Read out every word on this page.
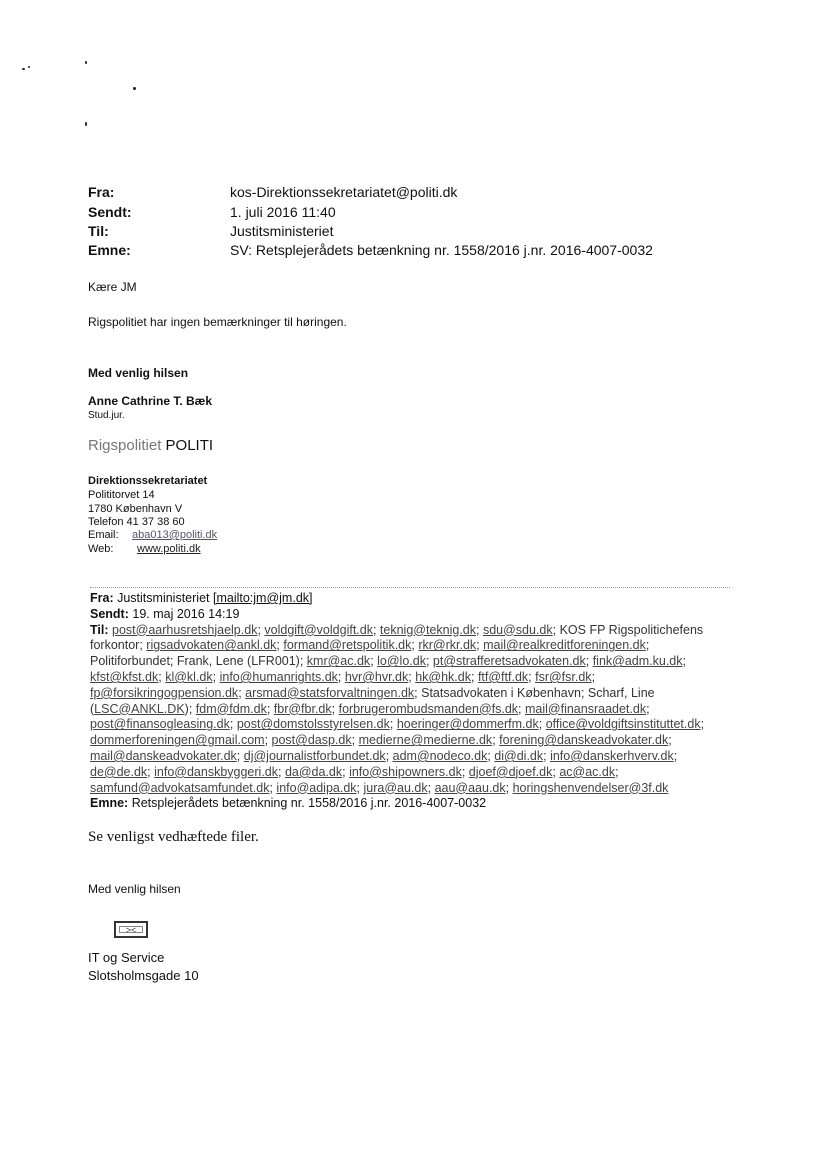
Fra:	kos-Direktionssekretariatet@politi.dk
Sendt:	1. juli 2016 11:40
Til:	Justitsministeriet
Emne:	SV: Retsplejerådets betænkning nr. 1558/2016 j.nr. 2016-4007-0032
Kære JM
Rigspolitiet har ingen bemærkninger til høringen.
Med venlig hilsen
Anne Cathrine T. Bæk
Stud.jur.
Rigspolitiet POLITI
Direktionssekretariatet
Polititorvet 14
1780 København V
Telefon 41 37 38 60
Email: aba013@politi.dk
Web: www.politi.dk
Fra: Justitsministeriet [mailto:jm@jm.dk]
Sendt: 19. maj 2016 14:19
Til: post@aarhusretshjaelp.dk; voldgift@voldgift.dk; teknig@teknig.dk; sdu@sdu.dk; KOS FP Rigspolitichefens forkontor; rigsadvokaten@ankl.dk; formand@retspolitik.dk; rkr@rkr.dk; mail@realkreditforeningen.dk; Politiforbundet; Frank, Lene (LFR001); kmr@ac.dk; lo@lo.dk; pt@strafferetsadvokaten.dk; fink@adm.ku.dk; kfst@kfst.dk; kl@kl.dk; info@humanrights.dk; hvr@hvr.dk; hk@hk.dk; ftf@ftf.dk; fsr@fsr.dk; fp@forsikringogpension.dk; arsmad@statsforvaltningen.dk; Statsadvokaten i København; Scharf, Line (LSC@ANKL.DK); fdm@fdm.dk; fbr@fbr.dk; forbrugerombudsmanden@fs.dk; mail@finansraadet.dk; post@finansogleasing.dk; post@domstolsstyrelsen.dk; hoeringer@dommerfm.dk; office@voldgiftsinstituttet.dk; dommerforeningen@gmail.com; post@dasp.dk; medierne@medierne.dk; forening@danskeadvokater.dk; mail@danskeadvokater.dk; dj@journalistforbundet.dk; adm@nodeco.dk; di@di.dk; info@danskerhverv.dk; de@de.dk; info@danskbyggeri.dk; da@da.dk; info@shipowners.dk; djoef@djoef.dk; ac@ac.dk; samfund@advokatsamfundet.dk; info@adipa.dk; jura@au.dk; aau@aau.dk; horingshenvendelser@3f.dk
Emne: Retsplejerådets betænkning nr. 1558/2016 j.nr. 2016-4007-0032
Se venligst vedhæftede filer.
Med venlig hilsen
><
IT og Service
Slotsholmsgade 10
